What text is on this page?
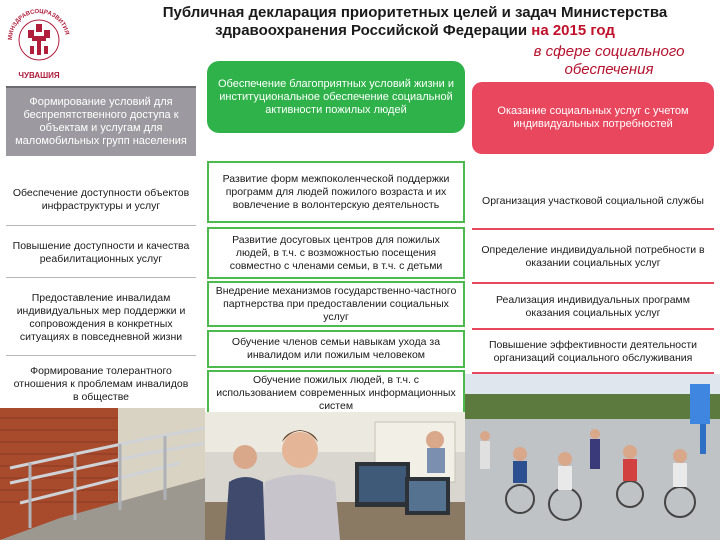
МИНЗДРАВСОЦРАЗВИТИЯ
ЧУВАШИЯ
Публичная декларация приоритетных целей и задач Министерства здравоохранения Российской Федерации на 2015 год
в сфере социального обеспечения
Формирование условий для беспрепятственного доступа к объектам и услугам для маломобильных групп населения
Обеспечение благоприятных условий жизни и институциональное обеспечение социальной активности пожилых людей	Оказание социальных услуг с учетом индивидуальных потребностей
Обеспечение доступности объектов инфраструктуры и услуг
Повышение доступности и качества реабилитационных услуг
Предоставление инвалидам индивидуальных мер поддержки и сопровождения в конкретных ситуациях в повседневной жизни
Формирование толерантного отношения к проблемам инвалидов в обществе
Развитие форм межпоколенческой поддержки программ для людей пожилого возраста и их вовлечение в волонтерскую деятельность
Развитие досуговых центров для пожилых людей, в т.ч. с возможностью посещения совместно с членами семьи, в т.ч. с детьми
Внедрение механизмов государственно-частного партнерства при предоставлении социальных услуг
Обучение членов семьи навыкам ухода за инвалидом или пожилым человеком
Обучение пожилых людей, в т.ч. с использованием современных информационных систем
Организация участковой социальной службы
Определение индивидуальной потребности в оказании социальных услуг
Реализация индивидуальных программ оказания социальных услуг
Повышение эффективности деятельности организаций социального обслуживания
